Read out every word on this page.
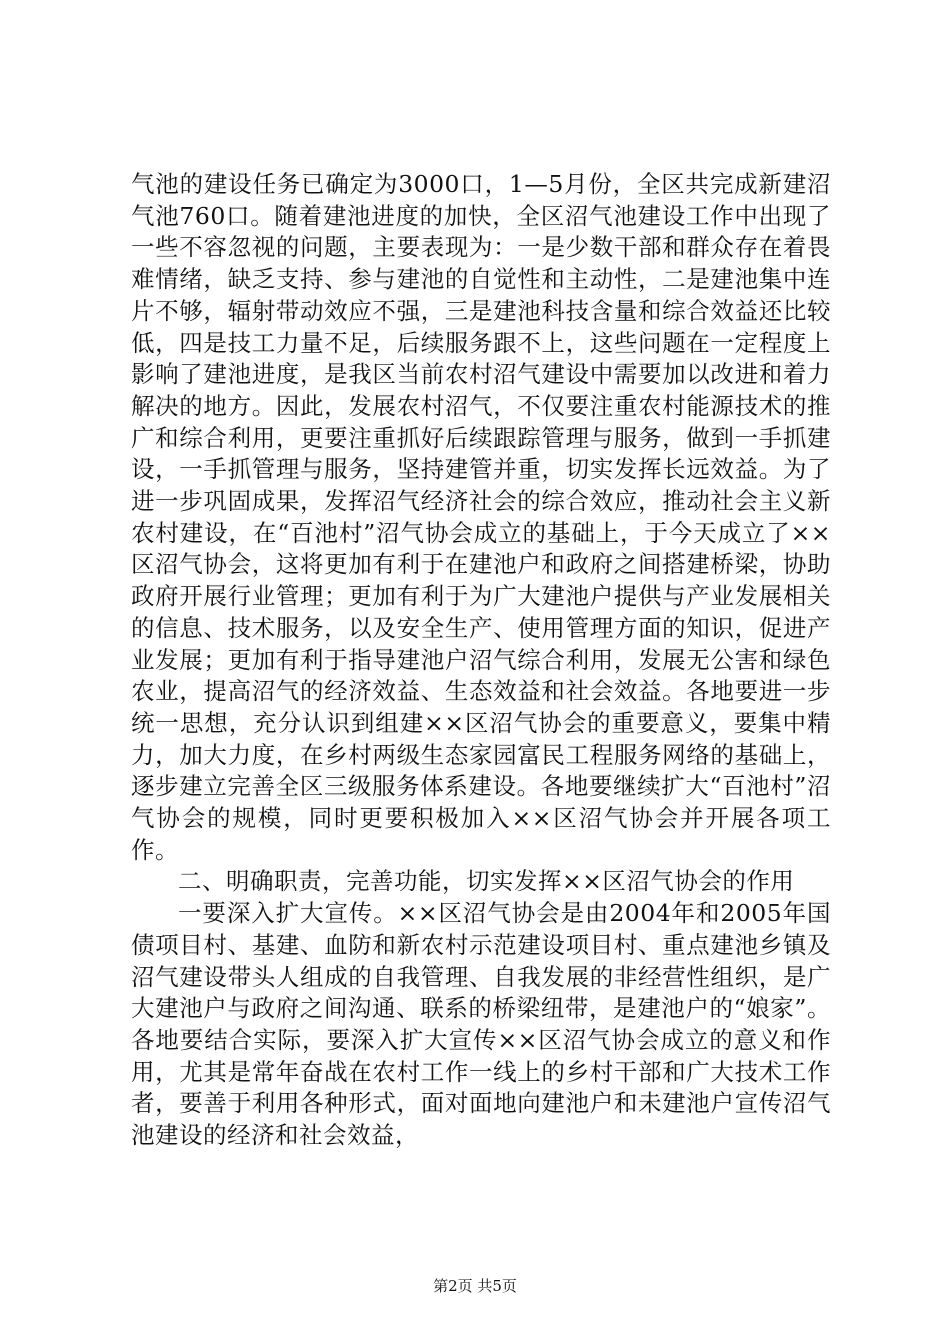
气池的建设任务已确定为3000口，1—5月份，全区共完成新建沼气池760口。随着建池进度的加快，全区沼气池建设工作中出现了一些不容忽视的问题，主要表现为：一是少数干部和群众存在着畏难情绪，缺乏支持、参与建池的自觉性和主动性，二是建池集中连片不够，辐射带动效应不强，三是建池科技含量和综合效益还比较低，四是技工力量不足，后续服务跟不上，这些问题在一定程度上影响了建池进度，是我区当前农村沼气建设中需要加以改进和着力解决的地方。因此，发展农村沼气，不仅要注重农村能源技术的推广和综合利用，更要注重抓好后续跟踪管理与服务，做到一手抓建设，一手抓管理与服务，坚持建管并重，切实发挥长远效益。为了进一步巩固成果，发挥沼气经济社会的综合效应，推动社会主义新农村建设，在“百池村”沼气协会成立的基础上，于今天成立了××区沼气协会，这将更加有利于在建池户和政府之间搭建桥梁，协助政府开展行业管理；更加有利于为广大建池户提供与产业发展相关的信息、技术服务，以及安全生产、使用管理方面的知识，促进产业发展；更加有利于指导建池户沼气综合利用，发展无公害和绿色农业，提高沼气的经济效益、生态效益和社会效益。各地要进一步统一思想，充分认识到组建××区沼气协会的重要意义，要集中精力，加大力度，在乡村两级生态家园富民工程服务网络的基础上，逐步建立完善全区三级服务体系建设。各地要继续扩大“百池村”沼气协会的规模，同时更要积极加入××区沼气协会并开展各项工作。

二、明确职责，完善功能，切实发挥××区沼气协会的作用

一要深入扩大宣传。××区沼气协会是由2004年和2005年国债项目村、基建、血防和新农村示范建设项目村、重点建池乡镇及沼气建设带头人组成的自我管理、自我发展的非经营性组织，是广大建池户与政府之间沟通、联系的桥梁纽带，是建池户的“娘家”。各地要结合实际，要深入扩大宣传××区沼气协会成立的意义和作用，尤其是常年奋战在农村工作一线上的乡村干部和广大技术工作者，要善于利用各种形式，面对面地向建池户和未建池户宣传沼气池建设的经济和社会效益，

第2页 共5页
